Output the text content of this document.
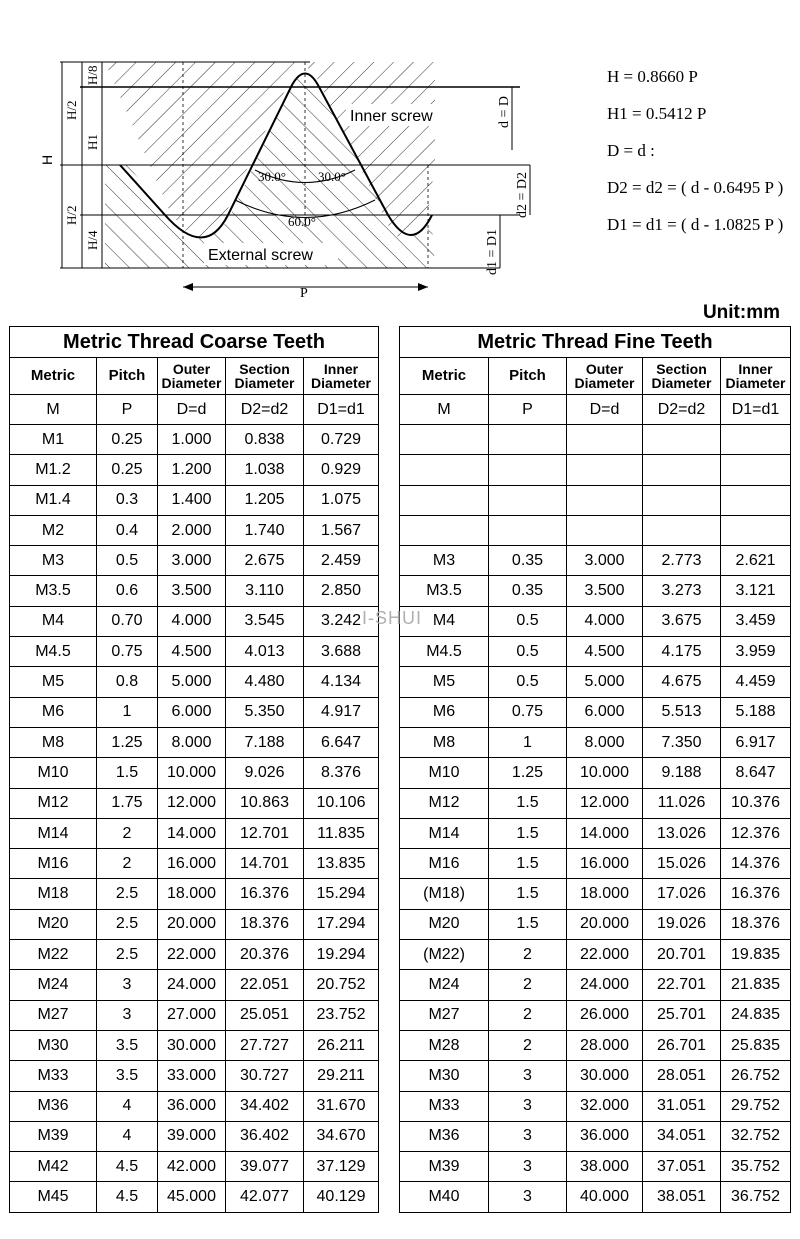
H
H/8
H/2
H1
H/2
H/4
Inner screw
External screw
30.0° 30.0°
60.0°
P
d = D
d2 = D2
d1 = D1
H = 0.8660 P
H1 = 0.5412 P
D = d :
D2 = d2 = ( d - 0.6495 P )
D1 = d1 = ( d - 1.0825 P )
Unit:mm
Metric Thread Coarse Teeth				
Metric	Pitch	Outer Diameter	Section Diameter	Inner Diameter
M	P	D=d	D2=d2	D1=d1
M1	0.25	1.000	0.838	0.729
M1.2	0.25	1.200	1.038	0.929
M1.4	0.3	1.400	1.205	1.075
M2	0.4	2.000	1.740	1.567
M3	0.5	3.000	2.675	2.459
M3.5	0.6	3.500	3.110	2.850
M4	0.70	4.000	3.545	3.242
M4.5	0.75	4.500	4.013	3.688
M5	0.8	5.000	4.480	4.134
M6	1	6.000	5.350	4.917
M8	1.25	8.000	7.188	6.647
M10	1.5	10.000	9.026	8.376
M12	1.75	12.000	10.863	10.106
M14	2	14.000	12.701	11.835
M16	2	16.000	14.701	13.835
M18	2.5	18.000	16.376	15.294
M20	2.5	20.000	18.376	17.294
M22	2.5	22.000	20.376	19.294
M24	3	24.000	22.051	20.752
M27	3	27.000	25.051	23.752
M30	3.5	30.000	27.727	26.211
M33	3.5	33.000	30.727	29.211
M36	4	36.000	34.402	31.670
M39	4	39.000	36.402	34.670
M42	4.5	42.000	39.077	37.129
M45	4.5	45.000	42.077	40.129
Metric Thread Fine Teeth				
Metric	Pitch	Outer Diameter	Section Diameter	Inner Diameter
M	P	D=d	D2=d2	D1=d1

M3	0.35	3.000	2.773	2.621
M3.5	0.35	3.500	3.273	3.121
M4	0.5	4.000	3.675	3.459
M4.5	0.5	4.500	4.175	3.959
M5	0.5	5.000	4.675	4.459
M6	0.75	6.000	5.513	5.188
M8	1	8.000	7.350	6.917
M10	1.25	10.000	9.188	8.647
M12	1.5	12.000	11.026	10.376
M14	1.5	14.000	13.026	12.376
M16	1.5	16.000	15.026	14.376
(M18)	1.5	18.000	17.026	16.376
M20	1.5	20.000	19.026	18.376
(M22)	2	22.000	20.701	19.835
M24	2	24.000	22.701	21.835
M27	2	26.000	25.701	24.835
M28	2	28.000	26.701	25.835
M30	3	30.000	28.051	26.752
M33	3	32.000	31.051	29.752
M36	3	36.000	34.051	32.752
M39	3	38.000	37.051	35.752
M40	3	40.000	38.051	36.752
I-SHUI
